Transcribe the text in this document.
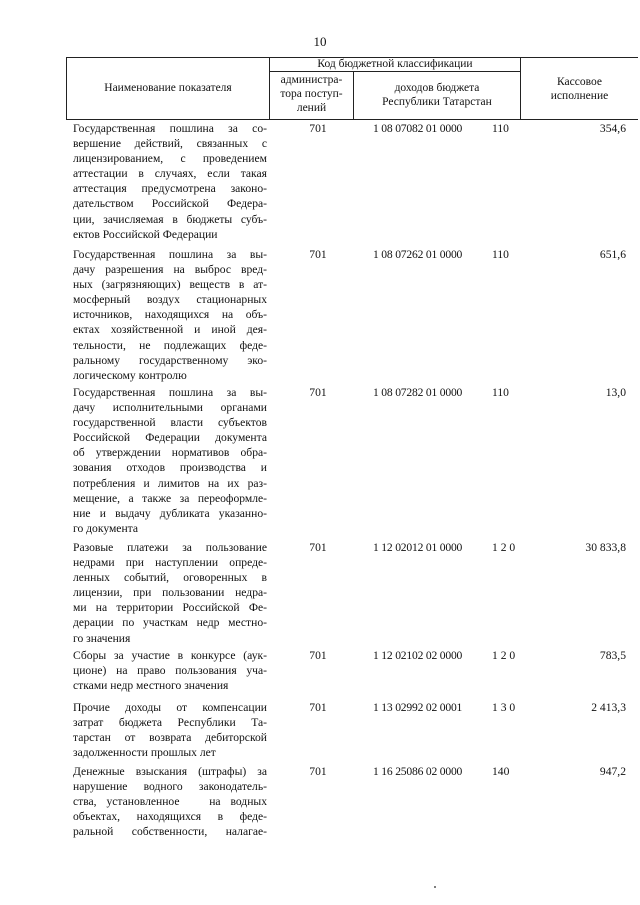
10
Наименование показателя
Код бюджетной классификации
администра-
тора поступ-
лений
доходов бюджета
Республики Татарстан
Кассовое
исполнение
Государственная пошлина за со-
вершение действий, связанных с
лицензированием, с проведением
аттестации в случаях, если такая
аттестация предусмотрена законо-
дательством Российской Федера-
ции, зачисляемая в бюджеты субъ-
ектов Российской Федерации
701	1 08 07082 01 0000	110	354,6
Государственная пошлина за вы-
дачу разрешения на выброс вред-
ных (загрязняющих) веществ в ат-
мосферный воздух стационарных
источников, находящихся на объ-
ектах хозяйственной и иной дея-
тельности, не подлежащих феде-
ральному государственному эко-
логическому контролю
701	1 08 07262 01 0000	110	651,6
Государственная пошлина за вы-
дачу исполнительными органами
государственной власти субъектов
Российской Федерации документа
об утверждении нормативов обра-
зования отходов производства и
потребления и лимитов на их раз-
мещение, а также за переоформле-
ние и выдачу дубликата указанно-
го документа
701	1 08 07282 01 0000	110	13,0
Разовые платежи за пользование
недрами при наступлении опреде-
ленных событий, оговоренных в
лицензии, при пользовании недра-
ми на территории Российской Фе-
дерации по участкам недр местно-
го значения
701	1 12 02012 01 0000	1 2 0	30 833,8
Сборы за участие в конкурсе (аук-
ционе) на право пользования уча-
стками недр местного значения
701	1 12 02102 02 0000	1 2 0	783,5
Прочие доходы от компенсации
затрат бюджета Республики Та-
тарстан от возврата дебиторской
задолженности прошлых лет
701	1 13 02992 02 0001	1 3 0	2 413,3
Денежные взыскания (штрафы) за
нарушение водного законодатель-
ства, установленное   на водных
объектах, находящихся в феде-
ральной собственности, налагае-
701	1 16 25086 02 0000	140	947,2
